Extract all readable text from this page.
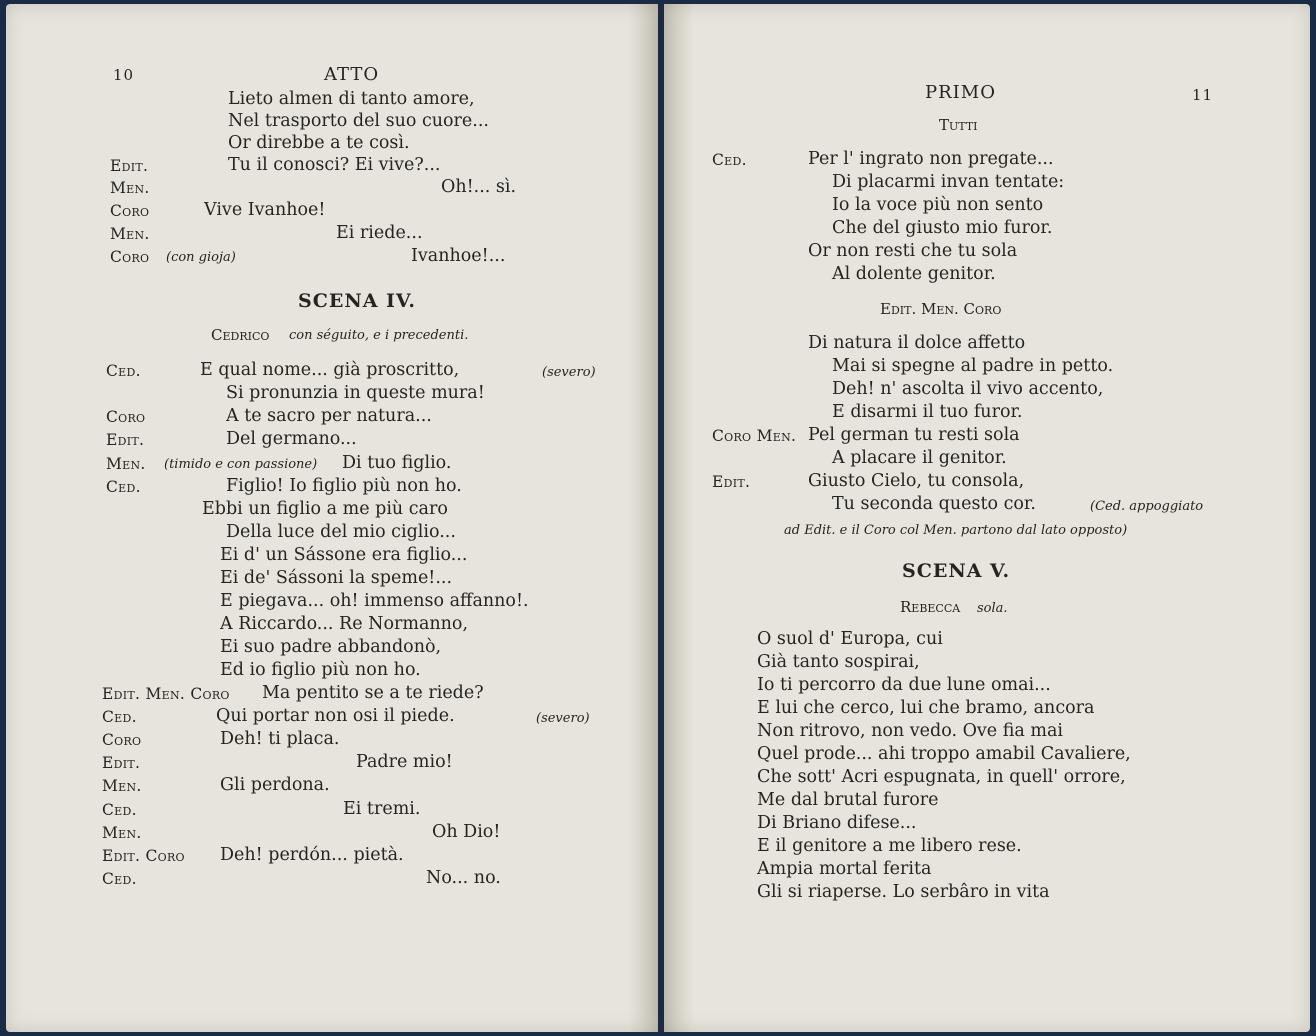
10	ATTO
Lieto almen di tanto amore,
Nel trasporto del suo cuore...
Or direbbe a te così.
Edit.	Tu il conosci? Ei vive?...
Men.	Oh!... sì.
Coro	Vive Ivanhoe!
Men.	Ei riede...
Coro (con gioja)	Ivanhoe!...
SCENA IV.
Cedrico con séguito, e i precedenti.
Ced.	E qual nome... già proscritto,	(severo)
Si pronunzia in queste mura!
Coro	A te sacro per natura...
Edit.	Del germano...
Men. (timido e con passione) Di tuo figlio.
Ced.	Figlio! Io figlio più non ho.
Ebbi un figlio a me più caro
Della luce del mio ciglio...
Ei d' un Sássone era figlio...
Ei de' Sássoni la speme!...
E piegava... oh! immenso affanno!.
A Riccardo... Re Normanno,
Ei suo padre abbandonò,
Ed io figlio più non ho.
Edit. Men. Coro Ma pentito se a te riede?
Ced.	Qui portar non osi il piede.	(severo)
Coro	Deh! ti placa.
Edit.	Padre mio!
Men.	Gli perdona.
Ced.	Ei tremi.
Men.	Oh Dio!
Edit. Coro Deh! perdón... pietà.
Ced.	No... no.
PRIMO	11
Tutti
Ced.	Per l' ingrato non pregate...
Di placarmi invan tentate:
Io la voce più non sento
Che del giusto mio furor.
Or non resti che tu sola
Al dolente genitor.
Edit. Men. Coro
Di natura il dolce affetto
Mai si spegne al padre in petto.
Deh! n' ascolta il vivo accento,
E disarmi il tuo furor.
Coro Men. Pel german tu resti sola
A placare il genitor.
Edit.	Giusto Cielo, tu consola,
Tu seconda questo cor.	(Ced. appoggiato
ad Edit. e il Coro col Men. partono dal lato opposto)
SCENA V.
Rebecca sola.
O suol d' Europa, cui
Già tanto sospirai,
Io ti percorro da due lune omai...
E lui che cerco, lui che bramo, ancora
Non ritrovo, non vedo. Ove fia mai
Quel prode... ahi troppo amabil Cavaliere,
Che sott' Acri espugnata, in quell' orrore,
Me dal brutal furore
Di Briano difese...
E il genitore a me libero rese.
Ampia mortal ferita
Gli si riaperse. Lo serbâro in vita
